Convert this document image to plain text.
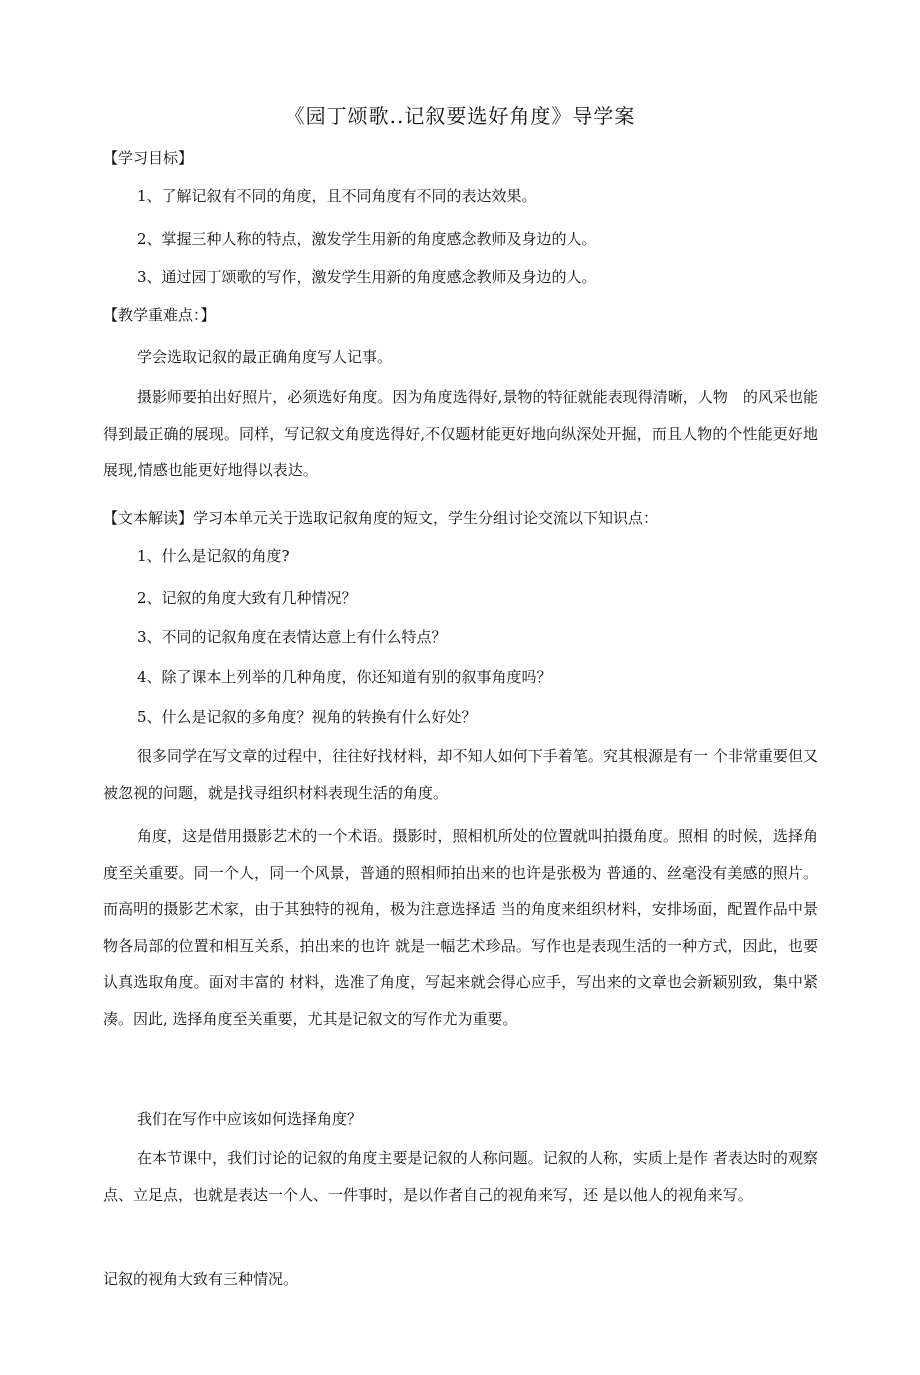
《园丁颂歌..记叙要选好角度》导学案
【学习目标】
1、了解记叙有不同的角度，且不同角度有不同的表达效果。
2、掌握三种人称的特点，激发学生用新的角度感念教师及身边的人。
3、通过园丁颂歌的写作，激发学生用新的角度感念教师及身边的人。
【教学重难点：】
学会选取记叙的最正确角度写人记事。
摄影师要拍出好照片，必须选好角度。因为角度选得好,景物的特征就能表现得清晰，人物　的风采也能得到最正确的展现。同样，写记叙文角度选得好,不仅题材能更好地向纵深处开掘，而且人物的个性能更好地展现,情感也能更好地得以表达。
【文本解读】学习本单元关于选取记叙角度的短文，学生分组讨论交流以下知识点：
1、什么是记叙的角度?
2、记叙的角度大致有几种情况？
3、不同的记叙角度在表情达意上有什么特点？
4、除了课本上列举的几种角度，你还知道有别的叙事角度吗？
5、什么是记叙的多角度？视角的转换有什么好处？
很多同学在写文章的过程中，往往好找材料，却不知人如何下手着笔。究其根源是有一 个非常重要但又被忽视的问题，就是找寻组织材料表现生活的角度。
角度，这是借用摄影艺术的一个术语。摄影时，照相机所处的位置就叫拍摄角度。照相 的时候，选择角度至关重要。同一个人，同一个风景，普通的照相师拍出来的也许是张极为 普通的、丝毫没有美感的照片。而高明的摄影艺术家，由于其独特的视角，极为注意选择适 当的角度来组织材料，安排场面，配置作品中景物各局部的位置和相互关系，拍出来的也许 就是一幅艺术珍品。写作也是表现生活的一种方式，因此，也要认真选取角度。面对丰富的 材料，选准了角度，写起来就会得心应手，写出来的文章也会新颖别致，集中紧凑。因此, 选择角度至关重要，尤其是记叙文的写作尤为重要。
我们在写作中应该如何选择角度？
在本节课中，我们讨论的记叙的角度主要是记叙的人称问题。记叙的人称，实质上是作 者表达时的观察点、立足点，也就是表达一个人、一件事时，是以作者自己的视角来写，还 是以他人的视角来写。
记叙的视角大致有三种情况。
